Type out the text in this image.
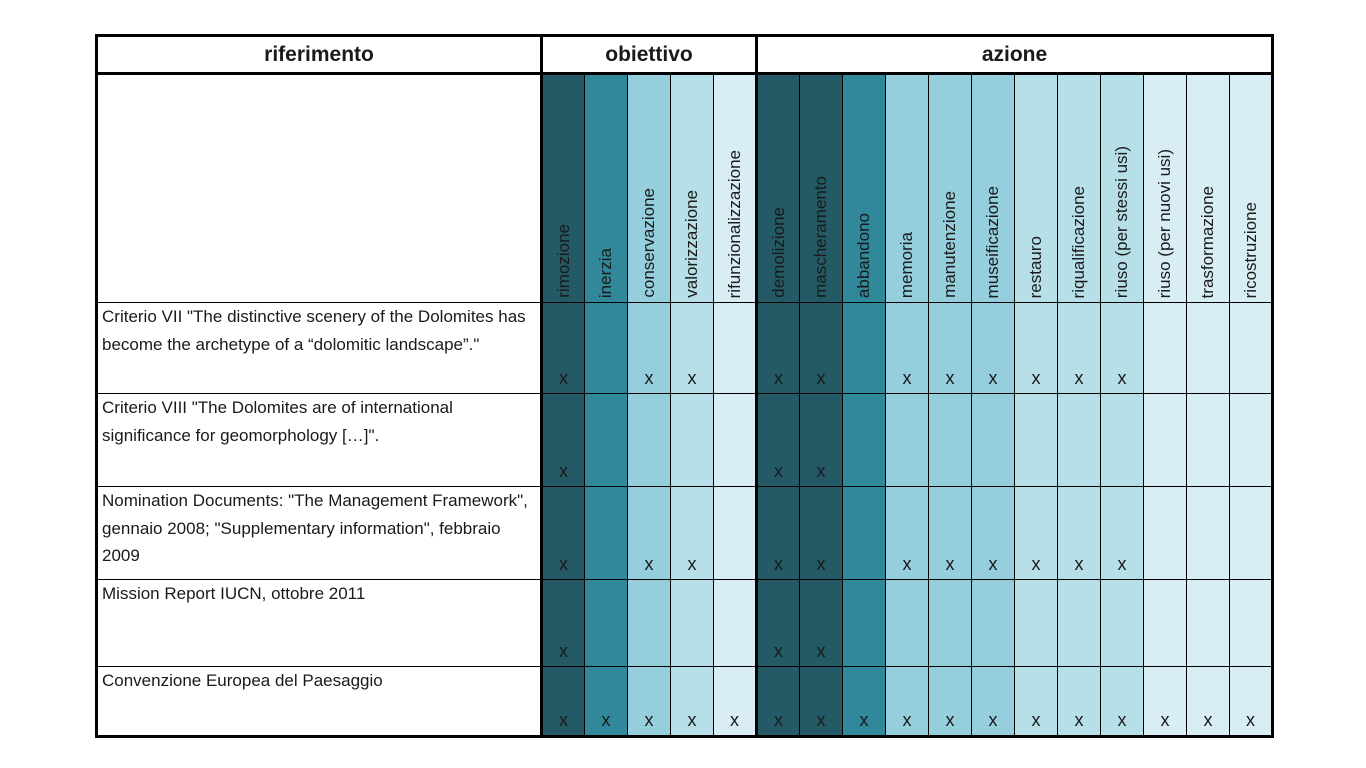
riferimento	obiettivo					azione											

	rimozione	inerzia	conservazione	valorizzazione	rifunzionalizzazione	demolizione	mascheramento	abbandono	memoria	manutenzione	museificazione	restauro	riqualificazione	riuso (per stessi usi)	riuso (per nuovi usi)	trasformazione	ricostruzione

Criterio VII "The distinctive scenery of the Dolomites has become the archetype of a “dolomitic landscape”."	x		x	x		x	x		x	x	x	x	x	x			
Criterio VIII "The Dolomites are of international significance for geomorphology […]".	x					x	x										
Nomination Documents: "The Management Framework", gennaio 2008; "Supplementary information", febbraio 2009	x		x	x		x	x		x	x	x	x	x	x			
Mission Report IUCN, ottobre 2011	x					x	x										
Convenzione Europea del Paesaggio	x	x	x	x	x	x	x	x	x	x	x	x	x	x	x	x	x
